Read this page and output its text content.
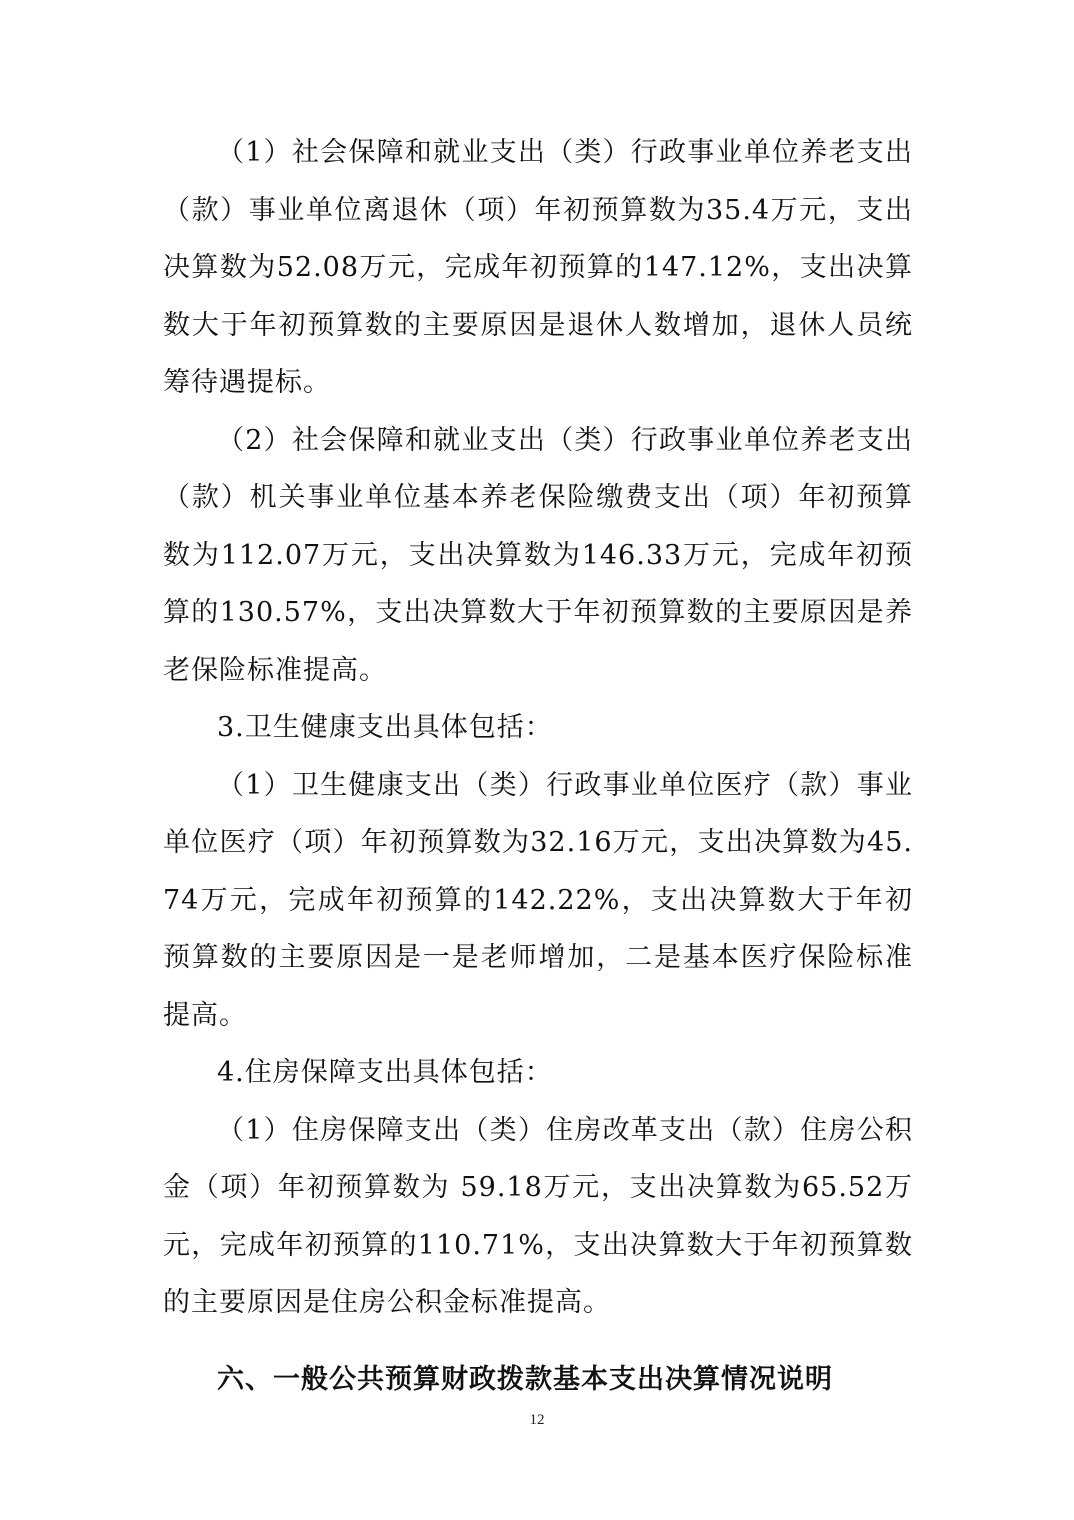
（1）社会保障和就业支出（类）行政事业单位养老支出（款）事业单位离退休（项）年初预算数为35.4万元，支出决算数为52.08万元，完成年初预算的147.12%，支出决算数大于年初预算数的主要原因是退休人数增加，退休人员统筹待遇提标。

（2）社会保障和就业支出（类）行政事业单位养老支出（款）机关事业单位基本养老保险缴费支出（项）年初预算数为112.07万元，支出决算数为146.33万元，完成年初预算的130.57%，支出决算数大于年初预算数的主要原因是养老保险标准提高。

3.卫生健康支出具体包括：

（1）卫生健康支出（类）行政事业单位医疗（款）事业单位医疗（项）年初预算数为32.16万元，支出决算数为45.74万元，完成年初预算的142.22%，支出决算数大于年初预算数的主要原因是一是老师增加，二是基本医疗保险标准提高。

4.住房保障支出具体包括：

（1）住房保障支出（类）住房改革支出（款）住房公积金（项）年初预算数为 59.18万元，支出决算数为65.52万元，完成年初预算的110.71%，支出决算数大于年初预算数的主要原因是住房公积金标准提高。

六、一般公共预算财政拨款基本支出决算情况说明
12
